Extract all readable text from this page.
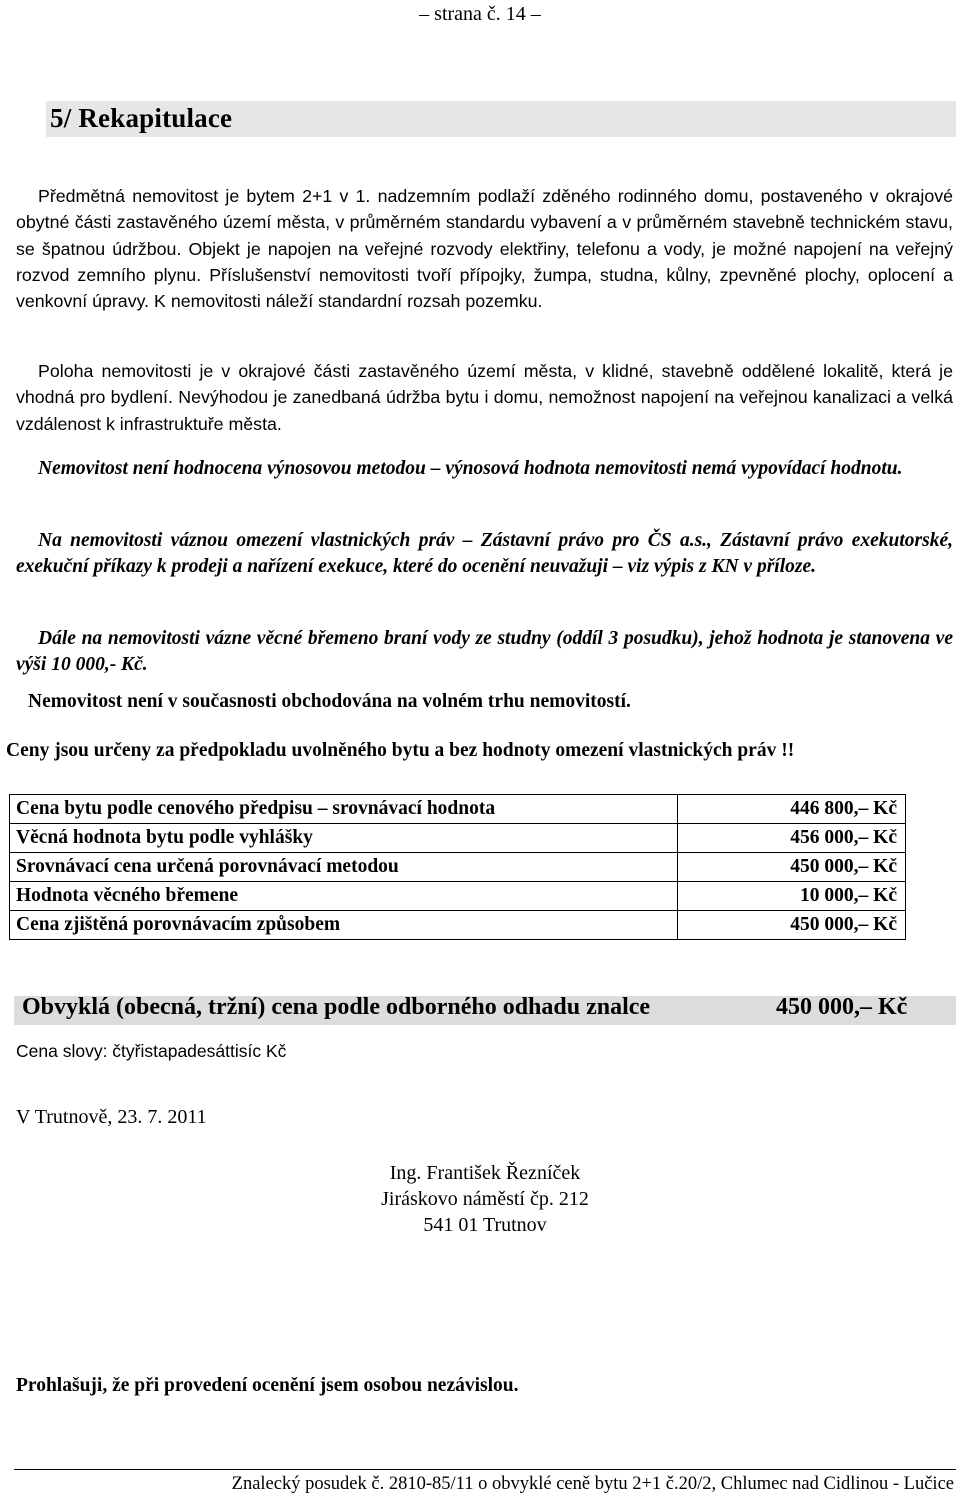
– strana č. 14 –
5/ Rekapitulace

Předmětná nemovitost je bytem 2+1 v 1. nadzemním podlaží zděného rodinného domu, postaveného v okrajové obytné části zastavěného území města, v průměrném standardu vybavení a v průměrném stavebně technickém stavu, se špatnou údržbou. Objekt je napojen na veřejné rozvody elektřiny, telefonu a vody, je možné napojení na veřejný rozvod zemního plynu. Příslušenství nemovitosti tvoří přípojky, žumpa, studna, kůlny, zpevněné plochy, oplocení a venkovní úpravy. K nemovitosti náleží standardní rozsah pozemku.

Poloha nemovitosti je v okrajové části zastavěného území města, v klidné, stavebně oddělené lokalitě, která je vhodná pro bydlení. Nevýhodou je zanedbaná údržba bytu i domu, nemožnost napojení na veřejnou kanalizaci a velká vzdálenost k infrastruktuře města.

Nemovitost není hodnocena výnosovou metodou – výnosová hodnota nemovitosti nemá vypovídací hodnotu.

Na nemovitosti váznou omezení vlastnických práv – Zástavní právo pro ČS a.s., Zástavní právo exekutorské, exekuční příkazy k prodeji a nařízení exekuce, které do ocenění neuvažuji – viz výpis z KN v příloze.

Dále na nemovitosti vázne věcné břemeno braní vody ze studny (oddíl 3 posudku), jehož hodnota je stanovena ve výši 10 000,- Kč.

Nemovitost není v současnosti obchodována na volném trhu nemovitostí.
Ceny jsou určeny za předpokladu uvolněného bytu a bez hodnoty omezení vlastnických práv !!
Cena bytu podle cenového předpisu – srovnávací hodnota	446 800,– Kč
Věcná hodnota bytu podle vyhlášky	456 000,– Kč
Srovnávací cena určená porovnávací metodou	450 000,– Kč
Hodnota věcného břemene	10 000,– Kč
Cena zjištěná porovnávacím způsobem	450 000,– Kč
Obvyklá (obecná, tržní) cena podle odborného odhadu znalce	450 000,– Kč
Cena slovy: čtyřistapadesáttisíc Kč
V Trutnově, 23. 7. 2011
Ing. František Řezníček
Jiráskovo náměstí čp. 212
541 01 Trutnov
Prohlašuji, že při provedení ocenění jsem osobou nezávislou.
Znalecký posudek č. 2810-85/11 o obvyklé ceně bytu 2+1 č.20/2, Chlumec nad Cidlinou - Lučice
